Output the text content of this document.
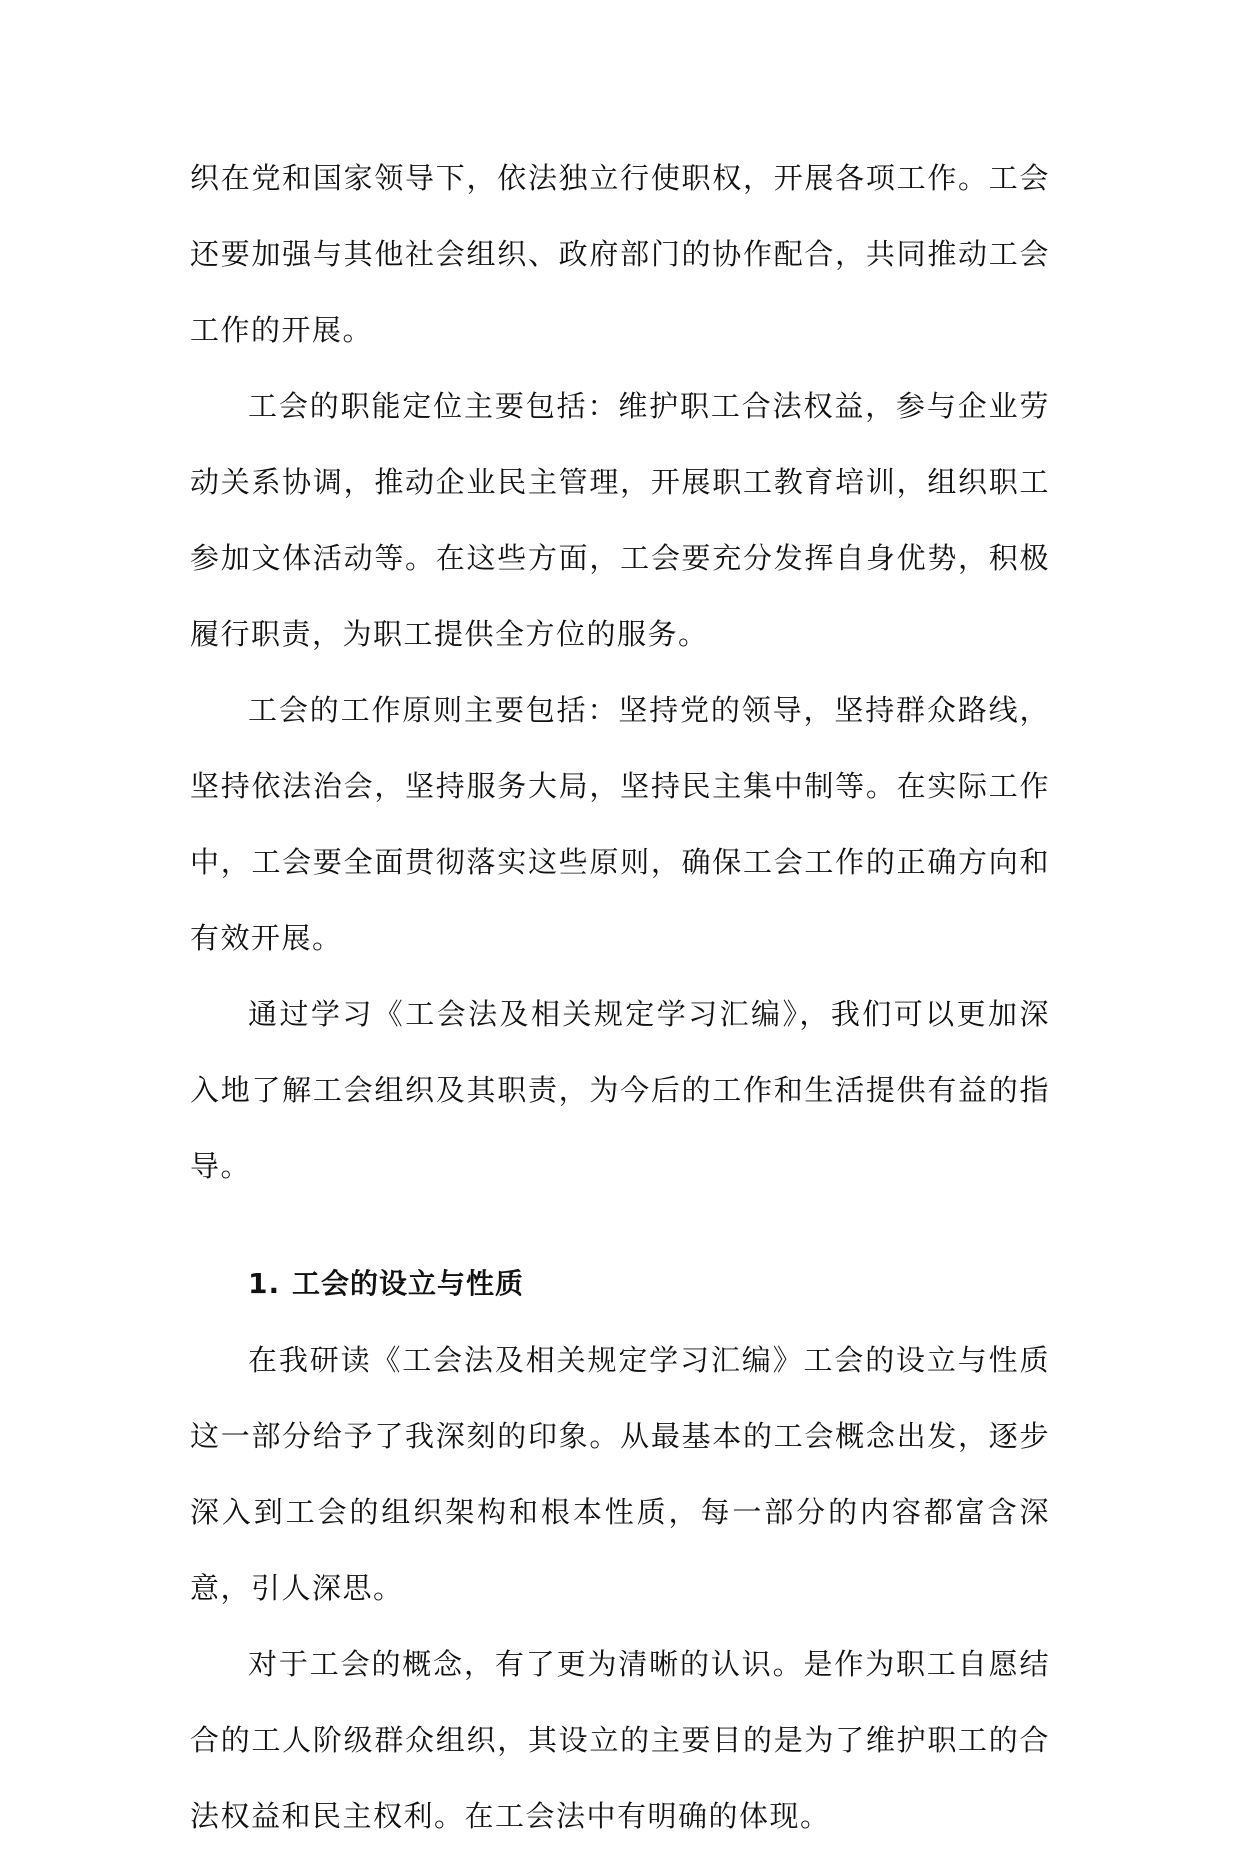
织在党和国家领导下，依法独立行使职权，开展各项工作。工会还要加强与其他社会组织、政府部门的协作配合，共同推动工会工作的开展。

工会的职能定位主要包括：维护职工合法权益，参与企业劳动关系协调，推动企业民主管理，开展职工教育培训，组织职工参加文体活动等。在这些方面，工会要充分发挥自身优势，积极履行职责，为职工提供全方位的服务。

工会的工作原则主要包括：坚持党的领导，坚持群众路线，坚持依法治会，坚持服务大局，坚持民主集中制等。在实际工作中，工会要全面贯彻落实这些原则，确保工会工作的正确方向和有效开展。

通过学习《工会法及相关规定学习汇编》，我们可以更加深入地了解工会组织及其职责，为今后的工作和生活提供有益的指导。

1. 工会的设立与性质

在我研读《工会法及相关规定学习汇编》工会的设立与性质这一部分给予了我深刻的印象。从最基本的工会概念出发，逐步深入到工会的组织架构和根本性质，每一部分的内容都富含深意，引人深思。

对于工会的概念，有了更为清晰的认识。是作为职工自愿结合的工人阶级群众组织，其设立的主要目的是为了维护职工的合法权益和民主权利。在工会法中有明确的体现。
